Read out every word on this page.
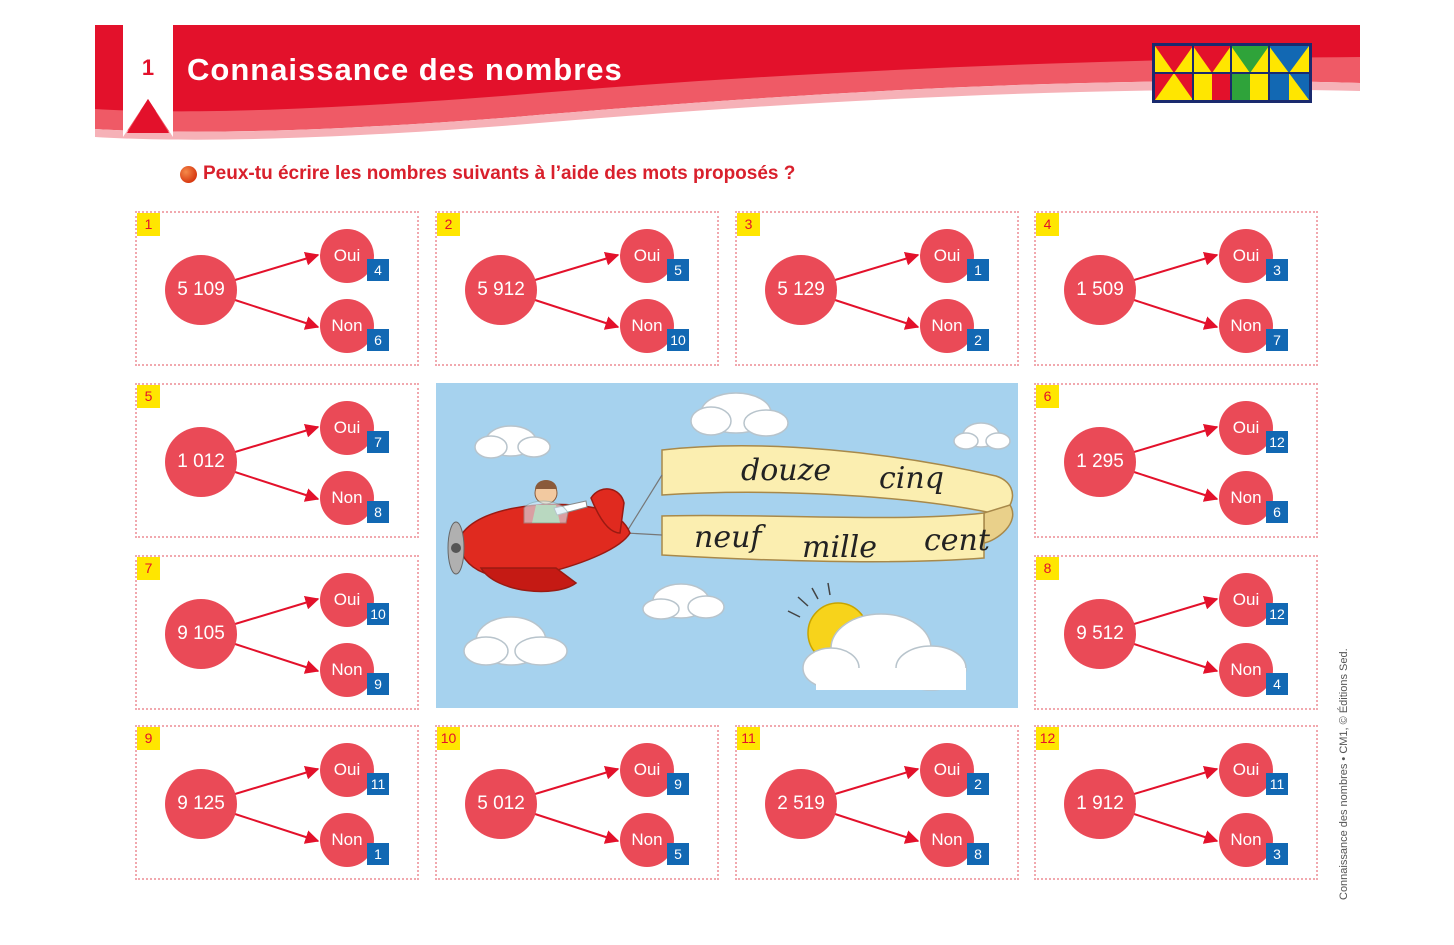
1	Connaissance des nombres
Peux-tu écrire les nombres suivants à l’aide des mots proposés ?
1
5 109
Oui
4
Non
6
2
5 912
Oui
5
Non
10
3
5 129
Oui
1
Non
2
4
1 509
Oui
3
Non
7
5
1 012
Oui
7
Non
8
6
1 295
Oui
12
Non
6
7
9 105
Oui
10
Non
9
8
9 512
Oui
12
Non
4
9
9 125
Oui
11
Non
1
10
5 012
Oui
9
Non
5
11
2 519
Oui
2
Non
8
12
1 912
Oui
11
Non
3
douze cinq
neuf mille cent
Connaissance des nombres • CM1, © Éditions Sed.
